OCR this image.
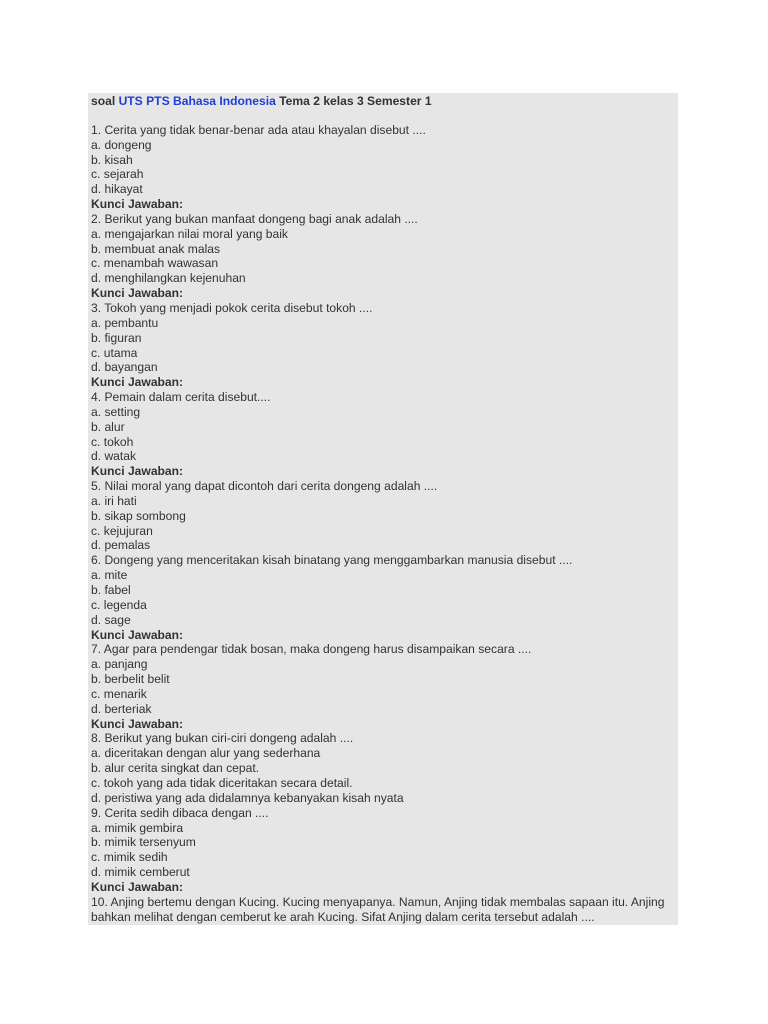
soal UTS PTS Bahasa Indonesia Tema 2 kelas 3 Semester 1
1. Cerita yang tidak benar-benar ada atau khayalan disebut ....
a. dongeng
b. kisah
c. sejarah
d. hikayat
Kunci Jawaban:
2. Berikut yang bukan manfaat dongeng bagi anak adalah ....
a. mengajarkan nilai moral yang baik
b. membuat anak malas
c. menambah wawasan
d. menghilangkan kejenuhan
Kunci Jawaban:
3. Tokoh yang menjadi pokok cerita disebut tokoh ....
a. pembantu
b. figuran
c. utama
d. bayangan
Kunci Jawaban:
4. Pemain dalam cerita disebut....
a. setting
b. alur
c. tokoh
d. watak
Kunci Jawaban:
5. Nilai moral yang dapat dicontoh dari cerita dongeng adalah ....
a. iri hati
b. sikap sombong
c. kejujuran
d. pemalas
6. Dongeng yang menceritakan kisah binatang yang menggambarkan manusia disebut ....
a. mite
b. fabel
c. legenda
d. sage
Kunci Jawaban:
7. Agar para pendengar tidak bosan, maka dongeng harus disampaikan secara ....
a. panjang
b. berbelit belit
c. menarik
d. berteriak
Kunci Jawaban:
8. Berikut yang bukan ciri-ciri dongeng adalah ....
a. diceritakan dengan alur yang sederhana
b. alur cerita singkat dan cepat.
c. tokoh yang ada tidak diceritakan secara detail.
d. peristiwa yang ada didalamnya kebanyakan kisah nyata
9. Cerita sedih dibaca dengan ....
a. mimik gembira
b. mimik tersenyum
c. mimik sedih
d. mimik cemberut
Kunci Jawaban:
10. Anjing bertemu dengan Kucing. Kucing menyapanya. Namun, Anjing tidak membalas sapaan itu. Anjing bahkan melihat dengan cemberut ke arah Kucing. Sifat Anjing dalam cerita tersebut adalah ....
